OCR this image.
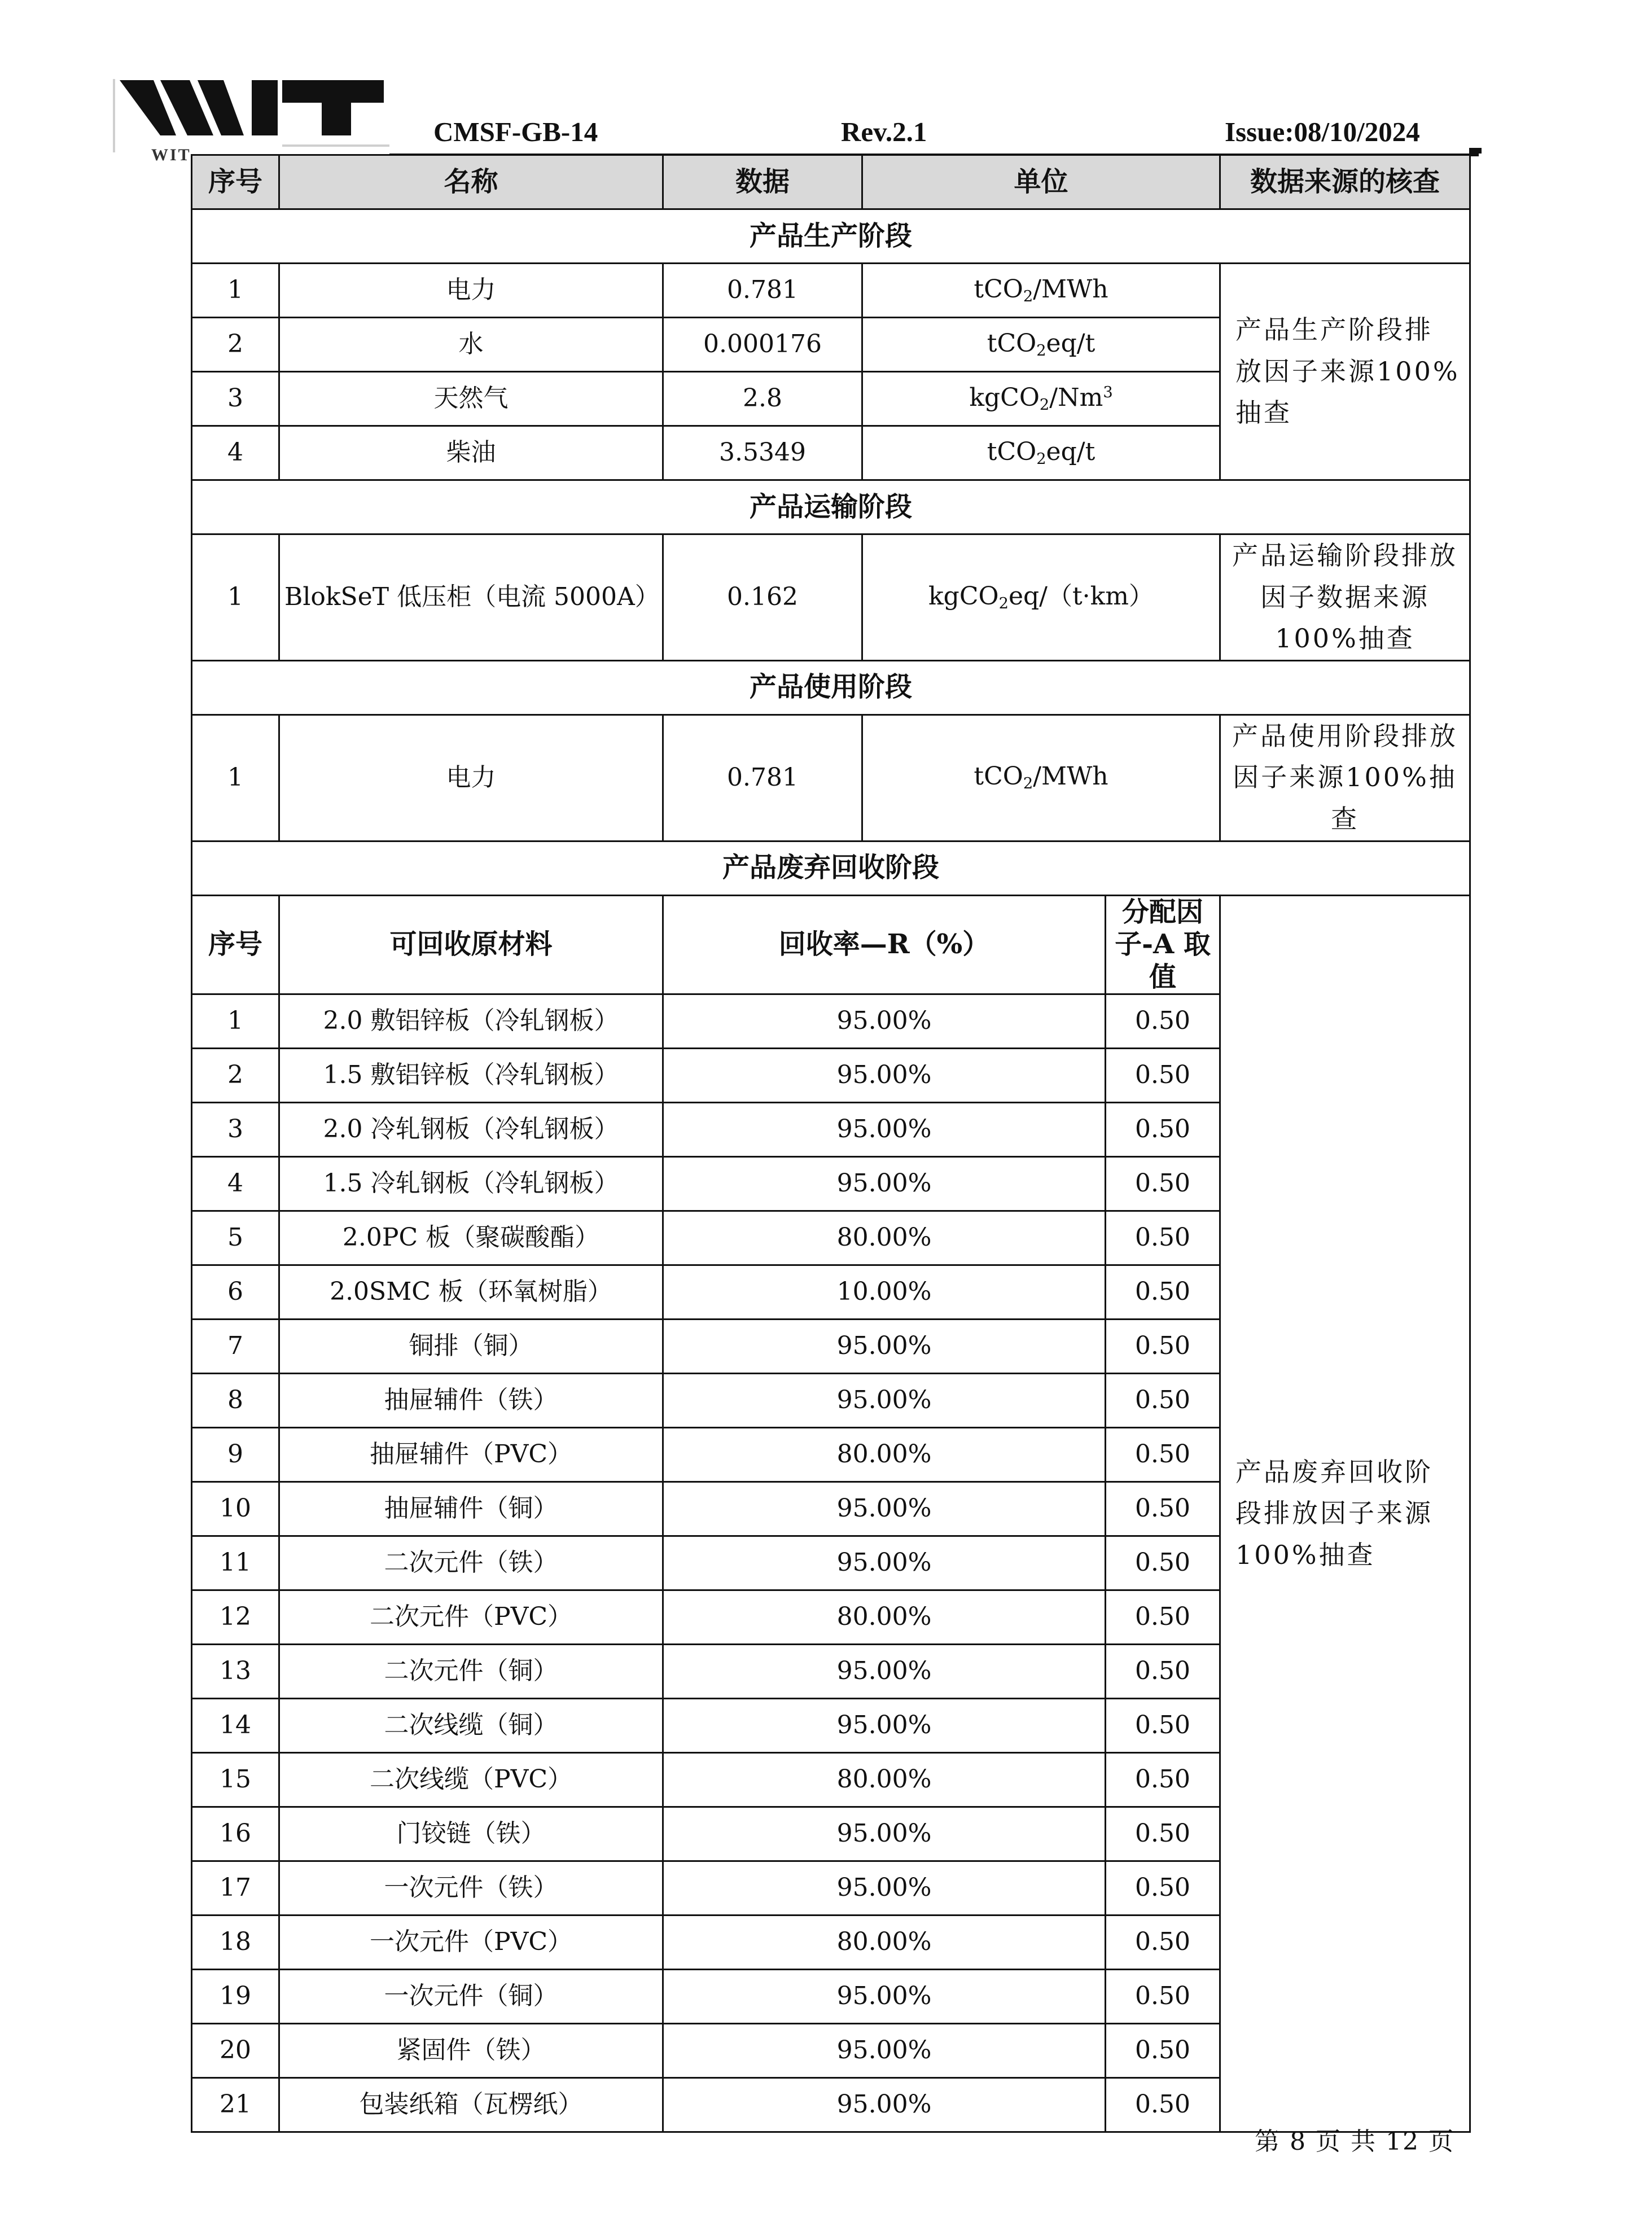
WIT
CMSF-GB-14	Rev.2.1	Issue:08/10/2024
序号	名称	数据	单位		数据来源的核查
产品生产阶段					
1	电力	0.781	tCO$_2$/MWh		产品生产阶段排放因子来源100%抽查
2	水	0.000176	tCO$_2$eq/t		
3	天然气	2.8	$kgCO_2/Nm^3$
4	柴油	3.5349	tCO$_2$eq/t		
产品运输阶段					
1	BlokSeT 低压柜（电流 5000A）	0.162	kgCO$_2$eq/（t·km）		产品运输阶段排放因子数据来源100%抽查
产品使用阶段					
1	电力	0.781	tCO$_2$/MWh		产品使用阶段排放因子来源100%抽查
产品废弃回收阶段					
序号	可回收原材料	回收率—R（%）		分配因子-A 取值	产品废弃回收阶段排放因子来源100%抽查
1	2.0 敷铝锌板（冷轧钢板）	95.00%		0.50	
2	1.5 敷铝锌板（冷轧钢板）	95.00%		0.50	
3	2.0 冷轧钢板（冷轧钢板）	95.00%		0.50	
4	1.5 冷轧钢板（冷轧钢板）	95.00%		0.50	
5	2.0PC 板（聚碳酸酯）	80.00%		0.50	
6	2.0SMC 板（环氧树脂）	10.00%		0.50	
7	铜排（铜）	95.00%		0.50	
8	抽屉辅件（铁）	95.00%		0.50	
9	抽屉辅件（PVC）	80.00%		0.50	
10	抽屉辅件（铜）	95.00%		0.50	
11	二次元件（铁）	95.00%		0.50	
12	二次元件（PVC）	80.00%		0.50	
13	二次元件（铜）	95.00%		0.50	
14	二次线缆（铜）	95.00%		0.50	
15	二次线缆（PVC）	80.00%		0.50	
16	门铰链（铁）	95.00%		0.50	
17	一次元件（铁）	95.00%		0.50	
18	一次元件（PVC）	80.00%		0.50	
19	一次元件（铜）	95.00%		0.50	
20	紧固件（铁）	95.00%		0.50	
21	包装纸箱（瓦楞纸）	95.00%		0.50	
第 8 页 共 12 页
